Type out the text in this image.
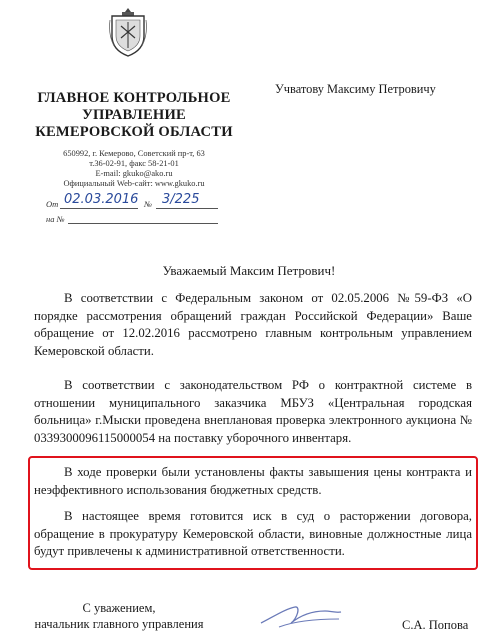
ГЛАВНОЕ КОНТРОЛЬНОЕ
УПРАВЛЕНИЕ
КЕМЕРОВСКОЙ ОБЛАСТИ
650992, г. Кемерово, Советский пр-т, 63
т.36-02-91, факс 58-21-01
E-mail: gkuko@ako.ru
Официальный Web-сайт: www.gkuko.ru
От 02.03.2016 № 3/225
на №
Учватову Максиму Петровичу
Уважаемый Максим Петрович!

В соответствии с Федеральным законом от 02.05.2006 №59-ФЗ «О порядке рассмотрения обращений граждан Российской Федерации» Ваше обращение от 12.02.2016 рассмотрено главным контрольным управлением Кемеровской области.

В соответствии с законодательством РФ о контрактной системе в отношении муниципального заказчика МБУЗ «Центральная городская больница» г.Мыски проведена внеплановая проверка электронного аукциона № 0339300096115000054 на поставку уборочного инвентаря.

В ходе проверки были установлены факты завышения цены контракта и неэффективного использования бюджетных средств.

В настоящее время готовится иск в суд о расторжении договора, обращение в прокуратуру Кемеровской области, виновные должностные лица будут привлечены к административной ответственности.

С уважением,
начальник главного управления	С.А. Попова
